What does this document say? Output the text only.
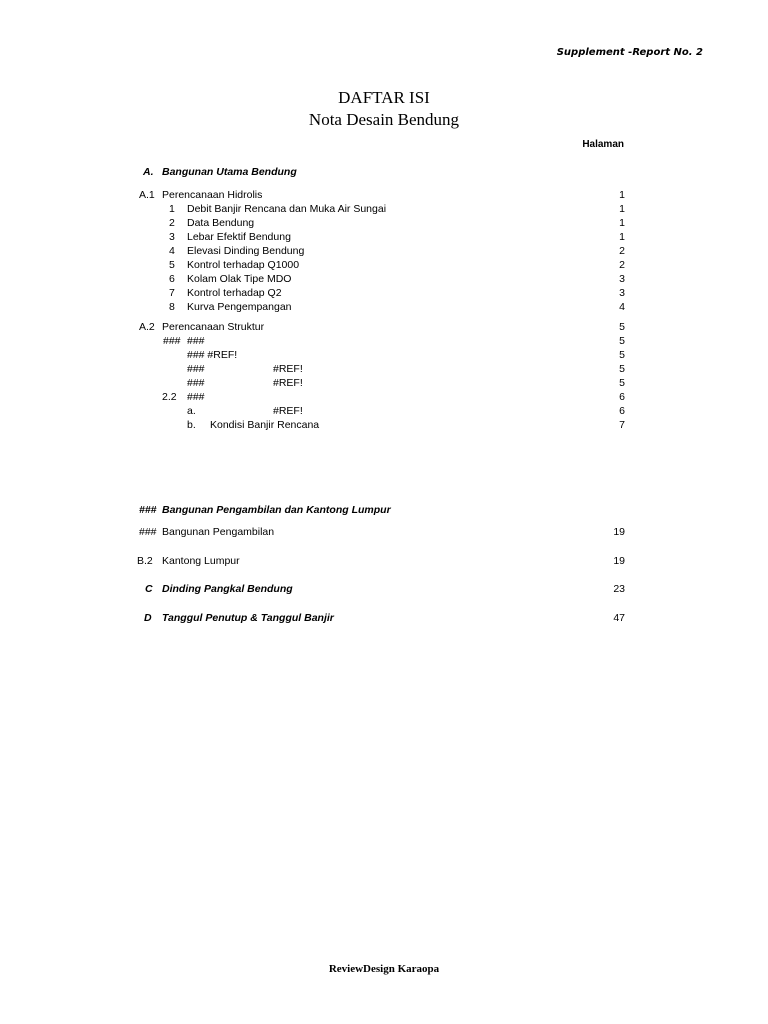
Supplement -Report No. 2
DAFTAR ISI
Nota Desain Bendung
Halaman
A. Bangunan Utama Bendung
A.1 Perencanaan Hidrolis	1
1 Debit Banjir Rencana dan Muka Air Sungai	1
2 Data Bendung	1
3 Lebar Efektif Bendung	1
4 Elevasi Dinding Bendung	2
5 Kontrol terhadap Q1000	2
6 Kolam Olak Tipe MDO	3
7 Kontrol terhadap Q2	3
8 Kurva Pengempangan	4
A.2 Perencanaan Struktur	5
### ###	5
### #REF!	5
###	#REF!	5
###	#REF!	5
2.2 ###	6
a.	#REF!	6
b. Kondisi Banjir Rencana	7
### Bangunan Pengambilan dan Kantong Lumpur
### Bangunan Pengambilan	19
B.2 Kantong Lumpur	19
C Dinding Pangkal Bendung	23
D Tanggul Penutup & Tanggul Banjir	47
ReviewDesign Karaopa
